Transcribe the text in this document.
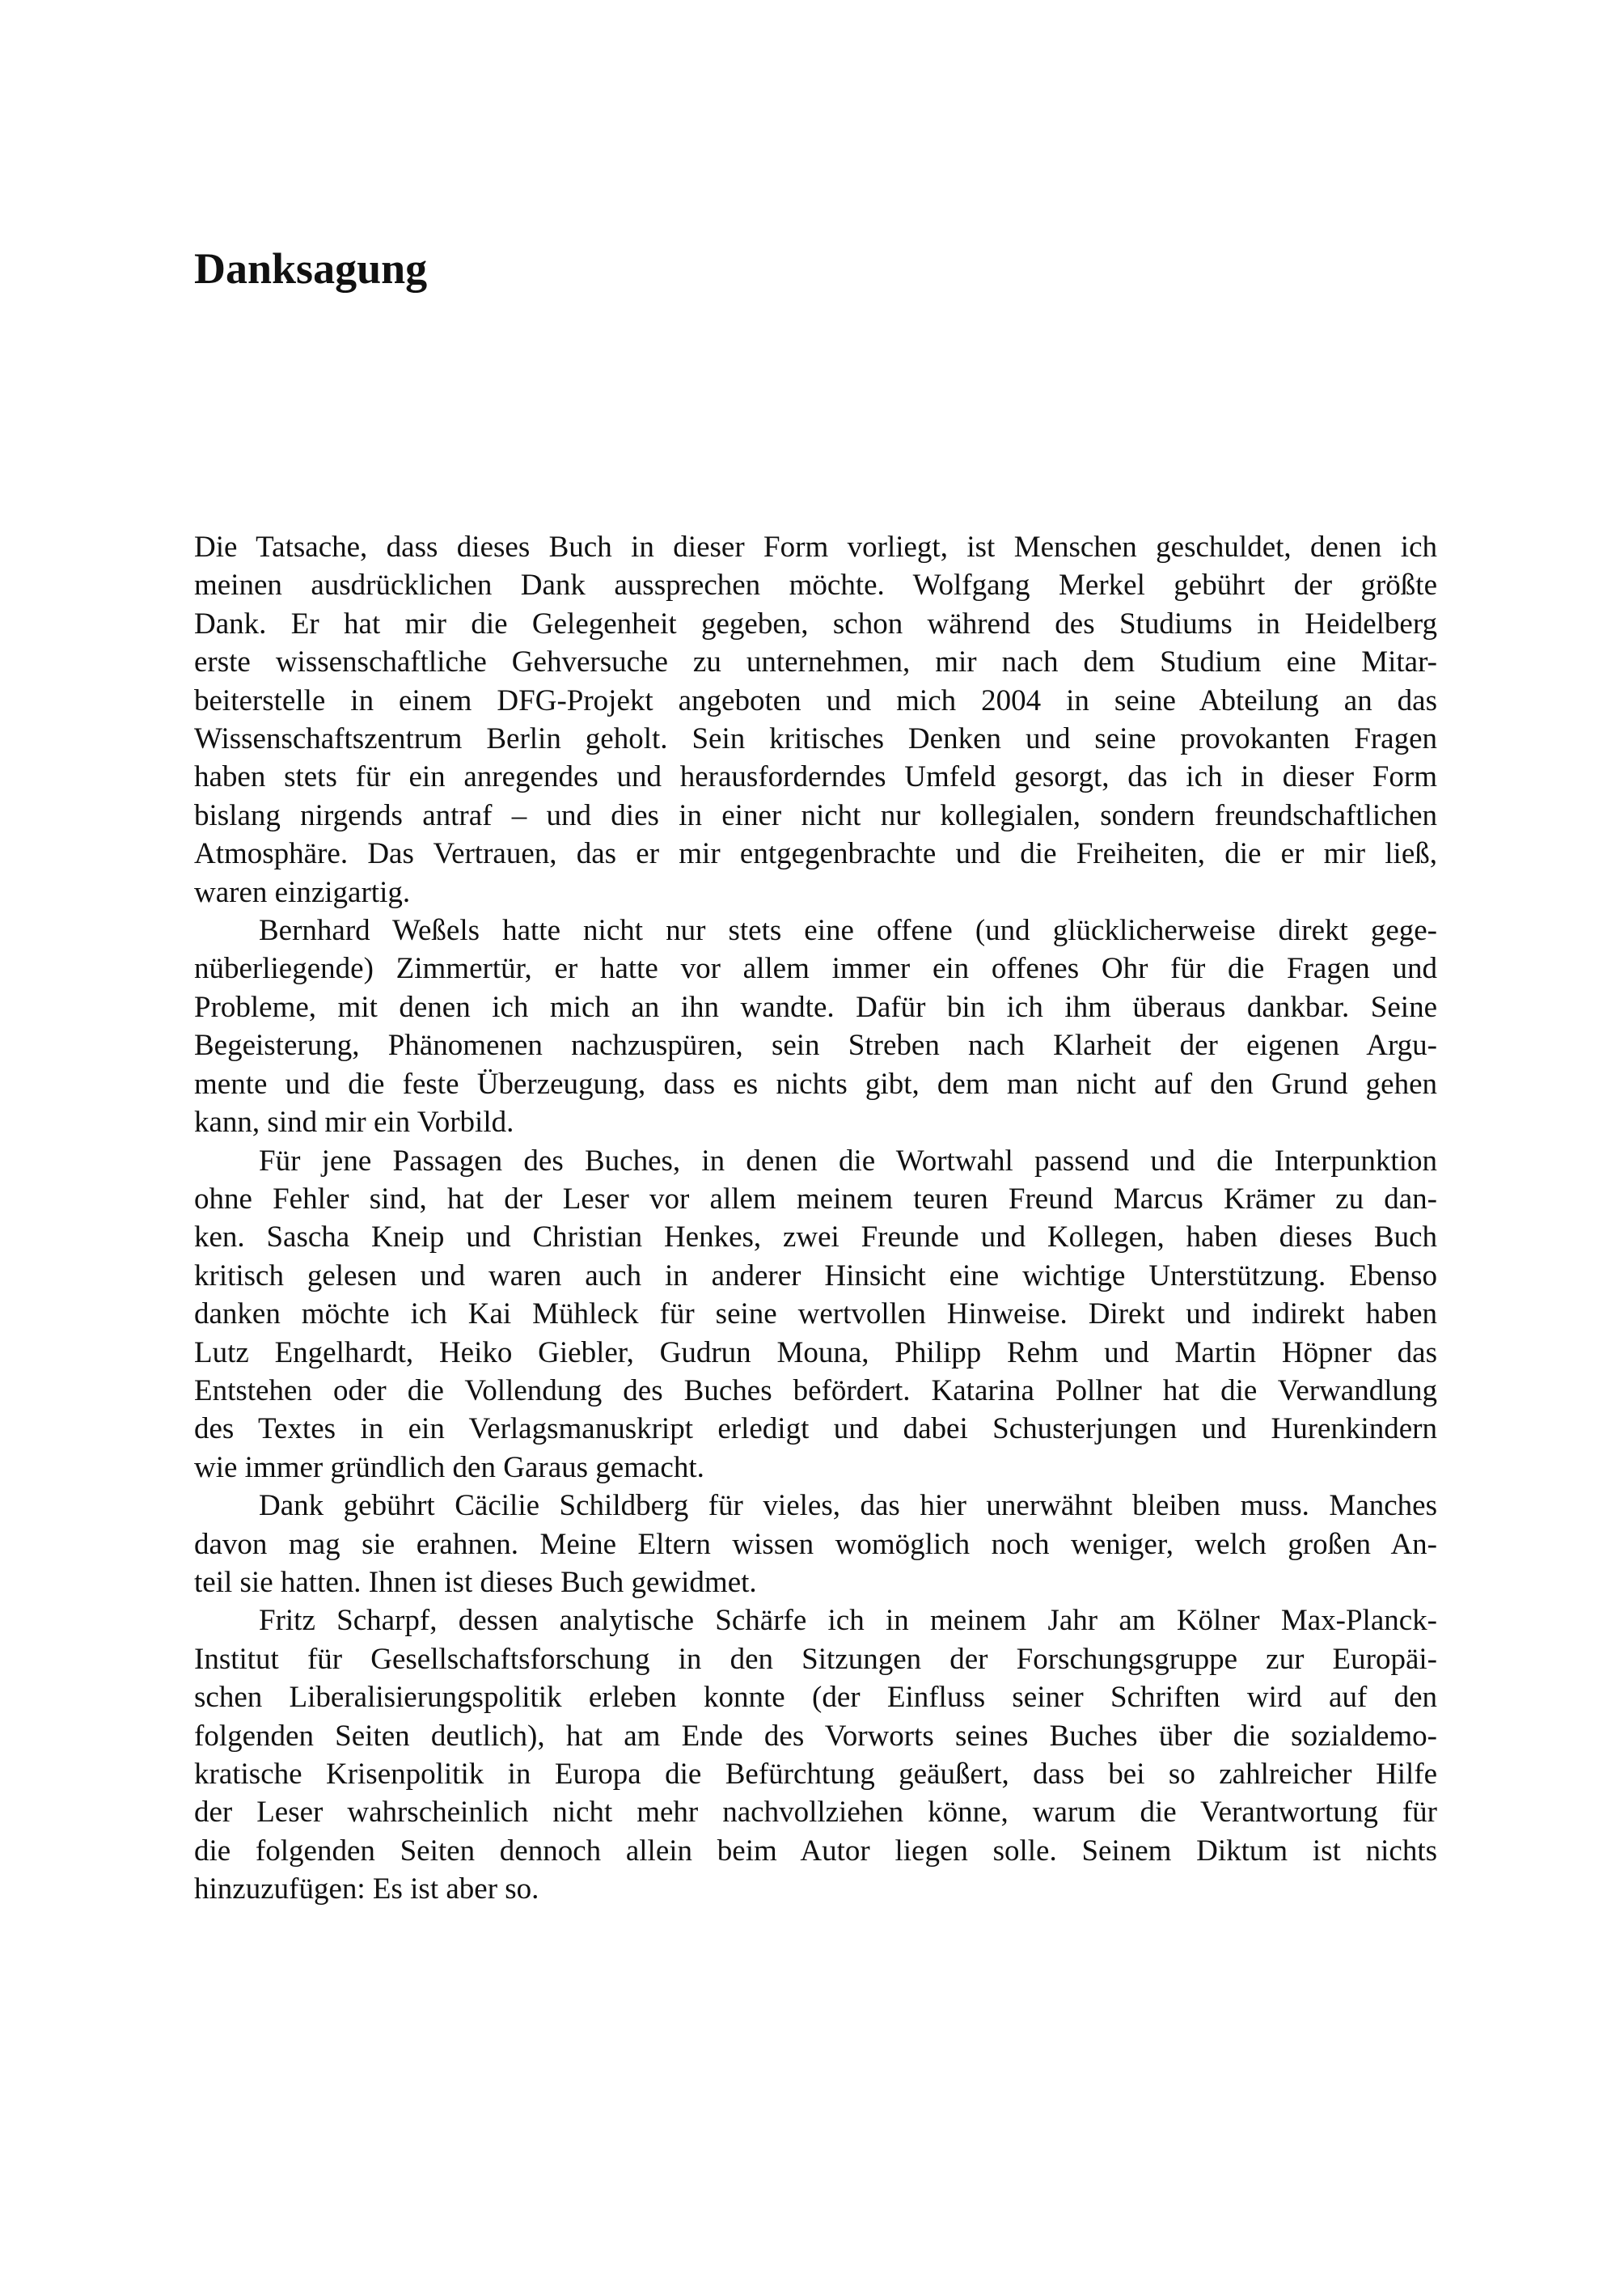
Danksagung

Die Tatsache, dass dieses Buch in dieser Form vorliegt, ist Menschen geschuldet, denen ich
meinen ausdrücklichen Dank aussprechen möchte. Wolfgang Merkel gebührt der größte
Dank. Er hat mir die Gelegenheit gegeben, schon während des Studiums in Heidelberg
erste wissenschaftliche Gehversuche zu unternehmen, mir nach dem Studium eine Mitar-
beiterstelle in einem DFG-Projekt angeboten und mich 2004 in seine Abteilung an das
Wissenschaftszentrum Berlin geholt. Sein kritisches Denken und seine provokanten Fragen
haben stets für ein anregendes und herausforderndes Umfeld gesorgt, das ich in dieser Form
bislang nirgends antraf – und dies in einer nicht nur kollegialen, sondern freundschaftlichen
Atmosphäre. Das Vertrauen, das er mir entgegenbrachte und die Freiheiten, die er mir ließ,
waren einzigartig.

Bernhard Weßels hatte nicht nur stets eine offene (und glücklicherweise direkt gege-
nüberliegende) Zimmertür, er hatte vor allem immer ein offenes Ohr für die Fragen und
Probleme, mit denen ich mich an ihn wandte. Dafür bin ich ihm überaus dankbar. Seine
Begeisterung, Phänomenen nachzuspüren, sein Streben nach Klarheit der eigenen Argu-
mente und die feste Überzeugung, dass es nichts gibt, dem man nicht auf den Grund gehen
kann, sind mir ein Vorbild.

Für jene Passagen des Buches, in denen die Wortwahl passend und die Interpunktion
ohne Fehler sind, hat der Leser vor allem meinem teuren Freund Marcus Krämer zu dan-
ken. Sascha Kneip und Christian Henkes, zwei Freunde und Kollegen, haben dieses Buch
kritisch gelesen und waren auch in anderer Hinsicht eine wichtige Unterstützung. Ebenso
danken möchte ich Kai Mühleck für seine wertvollen Hinweise. Direkt und indirekt haben
Lutz Engelhardt, Heiko Giebler, Gudrun Mouna, Philipp Rehm und Martin Höpner das
Entstehen oder die Vollendung des Buches befördert. Katarina Pollner hat die Verwandlung
des Textes in ein Verlagsmanuskript erledigt und dabei Schusterjungen und Hurenkindern
wie immer gründlich den Garaus gemacht.

Dank gebührt Cäcilie Schildberg für vieles, das hier unerwähnt bleiben muss. Manches
davon mag sie erahnen. Meine Eltern wissen womöglich noch weniger, welch großen An-
teil sie hatten. Ihnen ist dieses Buch gewidmet.

Fritz Scharpf, dessen analytische Schärfe ich in meinem Jahr am Kölner Max-Planck-
Institut für Gesellschaftsforschung in den Sitzungen der Forschungsgruppe zur Europäi-
schen Liberalisierungspolitik erleben konnte (der Einfluss seiner Schriften wird auf den
folgenden Seiten deutlich), hat am Ende des Vorworts seines Buches über die sozialdemo-
kratische Krisenpolitik in Europa die Befürchtung geäußert, dass bei so zahlreicher Hilfe
der Leser wahrscheinlich nicht mehr nachvollziehen könne, warum die Verantwortung für
die folgenden Seiten dennoch allein beim Autor liegen solle. Seinem Diktum ist nichts
hinzuzufügen: Es ist aber so.
